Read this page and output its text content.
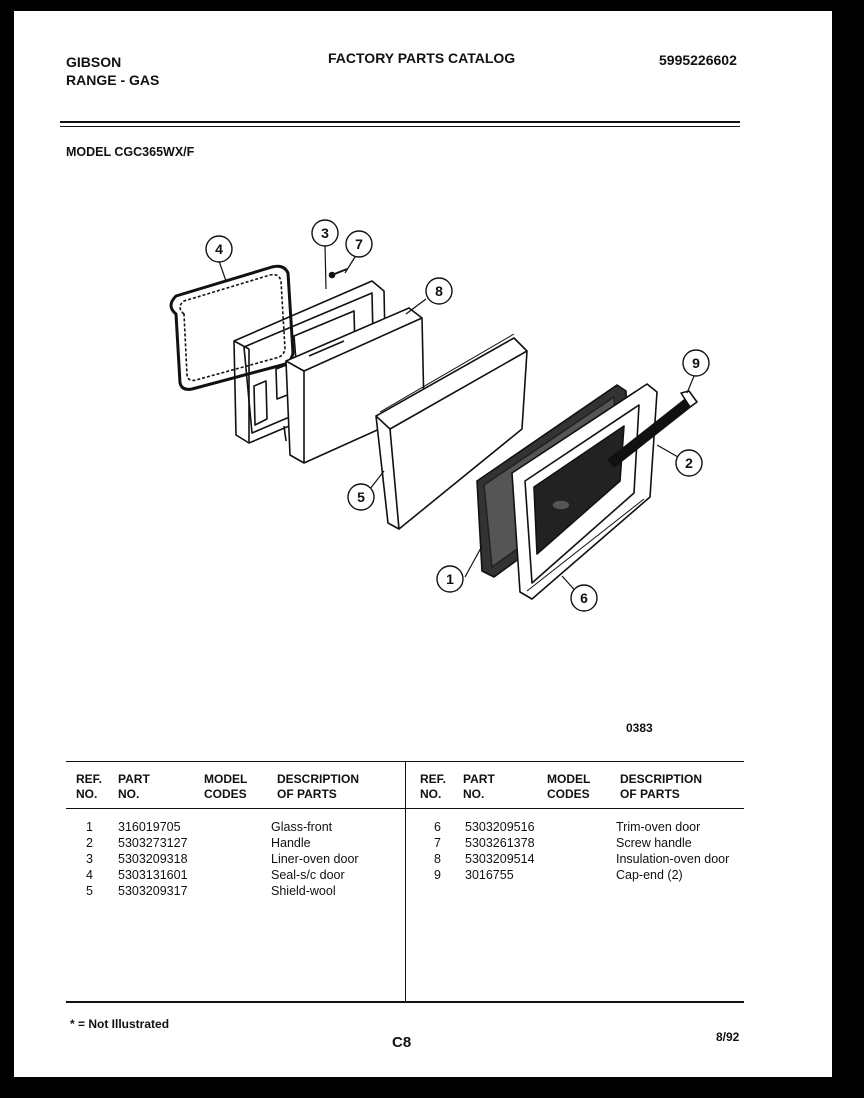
GIBSON
RANGE - GAS
FACTORY PARTS CATALOG	5995226602
MODEL CGC365WX/F
4
3
7
8
5
1
6
9
2
0383
REF.
NO.
PART
NO.
MODEL
CODES
DESCRIPTION
OF PARTS
REF.
NO.
PART
NO.
MODEL
CODES
DESCRIPTION
OF PARTS
1
2
3
4
5
316019705
5303273127
5303209318
5303131601
5303209317
Glass-front
Handle
Liner-oven door
Seal-s/c door
Shield-wool
6
7
8
9
5303209516
5303261378
5303209514
3016755
Trim-oven door
Screw handle
Insulation-oven door
Cap-end (2)
* = Not Illustrated
C8	8/92
